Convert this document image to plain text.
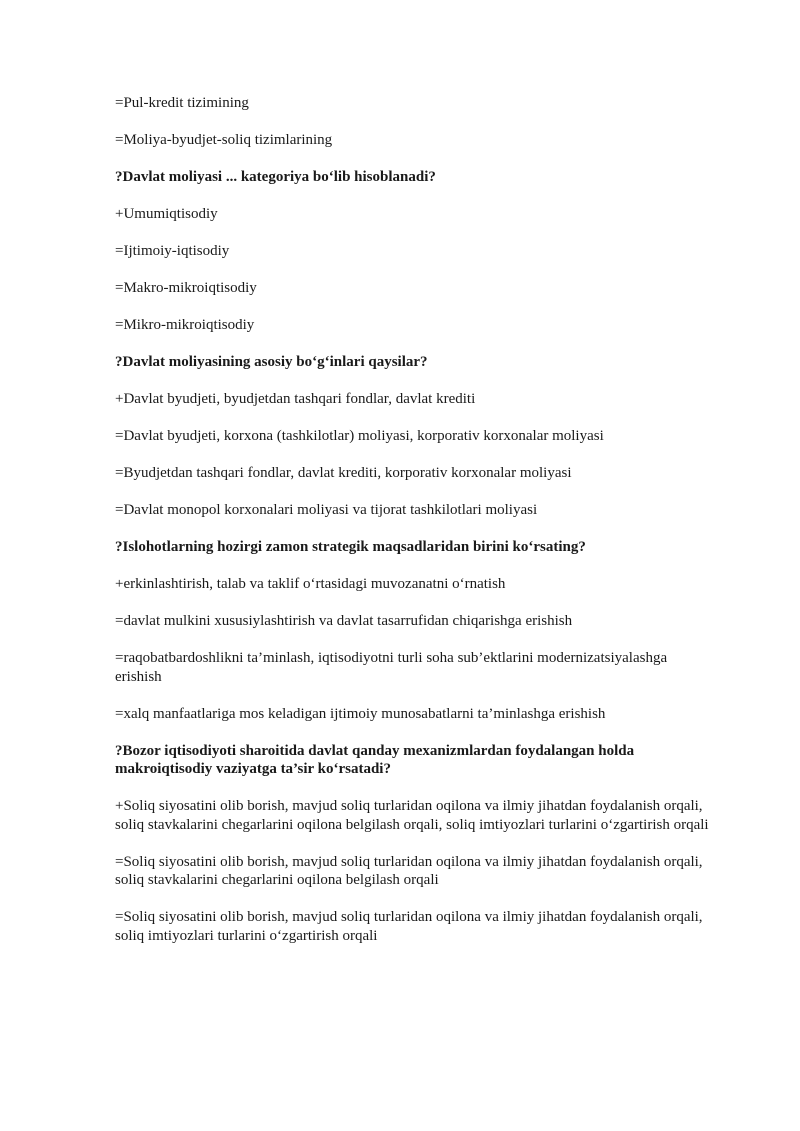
=Pul-kredit tizimining

=Moliya-byudjet-soliq tizimlarining

?Davlat moliyasi ... kategoriya bo‘lib hisoblanadi?

+Umumiqtisodiy

=Ijtimoiy-iqtisodiy

=Makro-mikroiqtisodiy

=Mikro-mikroiqtisodiy

?Davlat moliyasining asosiy bo‘g‘inlari qaysilar?

+Davlat byudjeti, byudjetdan tashqari fondlar, davlat krediti

=Davlat byudjeti, korxona (tashkilotlar) moliyasi, korporativ korxonalar moliyasi

=Byudjetdan tashqari fondlar, davlat krediti, korporativ korxonalar moliyasi

=Davlat monopol korxonalari moliyasi va tijorat tashkilotlari moliyasi

?Islohotlarning hozirgi zamon strategik maqsadlaridan birini ko‘rsating?

+erkinlashtirish, talab va taklif o‘rtasidagi muvozanatni o‘rnatish

=davlat mulkini xususiylashtirish va davlat tasarrufidan chiqarishga erishish

=raqobatbardoshlikni ta’minlash, iqtisodiyotni turli soha sub’ektlarini modernizatsiyalashga erishish

=xalq manfaatlariga mos keladigan ijtimoiy munosabatlarni ta’minlashga erishish

?Bozor iqtisodiyoti sharoitida davlat qanday mexanizmlardan foydalangan holda makroiqtisodiy vaziyatga ta’sir ko‘rsatadi?

+Soliq siyosatini olib borish, mavjud soliq turlaridan oqilona va ilmiy jihatdan foydalanish orqali, soliq stavkalarini chegarlarini oqilona belgilash orqali, soliq imtiyozlari turlarini o‘zgartirish orqali

=Soliq siyosatini olib borish, mavjud soliq turlaridan oqilona va ilmiy jihatdan foydalanish orqali, soliq stavkalarini chegarlarini oqilona belgilash orqali

=Soliq siyosatini olib borish, mavjud soliq turlaridan oqilona va ilmiy jihatdan foydalanish orqali, soliq imtiyozlari turlarini o‘zgartirish orqali
